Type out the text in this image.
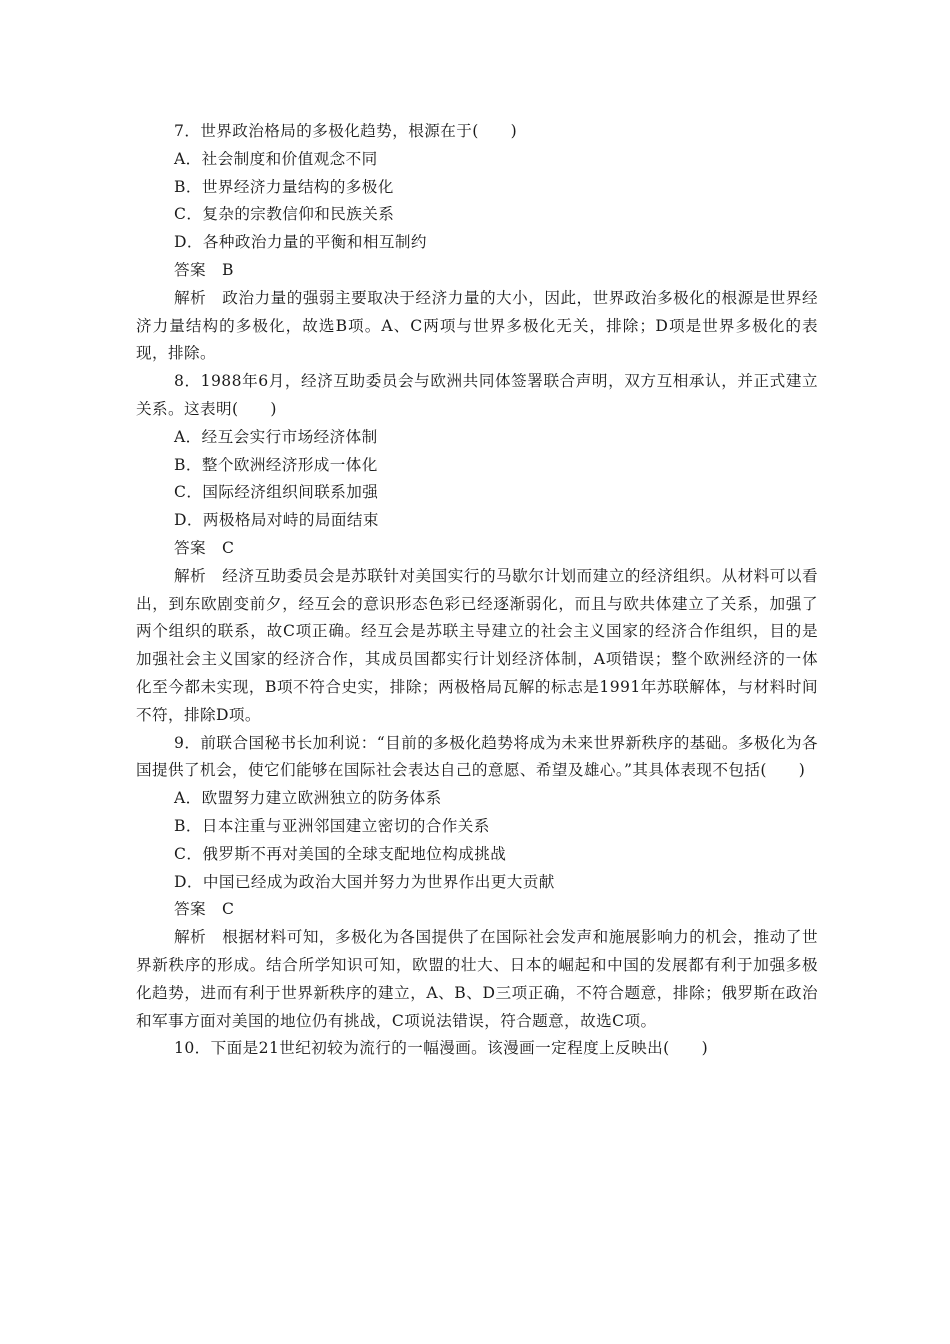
7．世界政治格局的多极化趋势，根源在于(　　)

A．社会制度和价值观念不同

B．世界经济力量结构的多极化

C．复杂的宗教信仰和民族关系

D．各种政治力量的平衡和相互制约

答案　B

解析　政治力量的强弱主要取决于经济力量的大小，因此，世界政治多极化的根源是世界经济力量结构的多极化，故选B项。A、C两项与世界多极化无关，排除；D项是世界多极化的表现，排除。

8．1988年6月，经济互助委员会与欧洲共同体签署联合声明，双方互相承认，并正式建立关系。这表明(　　)

A．经互会实行市场经济体制

B．整个欧洲经济形成一体化

C．国际经济组织间联系加强

D．两极格局对峙的局面结束

答案　C

解析　经济互助委员会是苏联针对美国实行的马歇尔计划而建立的经济组织。从材料可以看出，到东欧剧变前夕，经互会的意识形态色彩已经逐渐弱化，而且与欧共体建立了关系，加强了两个组织的联系，故C项正确。经互会是苏联主导建立的社会主义国家的经济合作组织，目的是加强社会主义国家的经济合作，其成员国都实行计划经济体制，A项错误；整个欧洲经济的一体化至今都未实现，B项不符合史实，排除；两极格局瓦解的标志是1991年苏联解体，与材料时间不符，排除D项。

9．前联合国秘书长加利说：“目前的多极化趋势将成为未来世界新秩序的基础。多极化为各国提供了机会，使它们能够在国际社会表达自己的意愿、希望及雄心。”其具体表现不包括(　　)

A．欧盟努力建立欧洲独立的防务体系

B．日本注重与亚洲邻国建立密切的合作关系

C．俄罗斯不再对美国的全球支配地位构成挑战

D．中国已经成为政治大国并努力为世界作出更大贡献

答案　C

解析　根据材料可知，多极化为各国提供了在国际社会发声和施展影响力的机会，推动了世界新秩序的形成。结合所学知识可知，欧盟的壮大、日本的崛起和中国的发展都有利于加强多极化趋势，进而有利于世界新秩序的建立，A、B、D三项正确，不符合题意，排除；俄罗斯在政治和军事方面对美国的地位仍有挑战，C项说法错误，符合题意，故选C项。

10．下面是21世纪初较为流行的一幅漫画。该漫画一定程度上反映出(　　)
